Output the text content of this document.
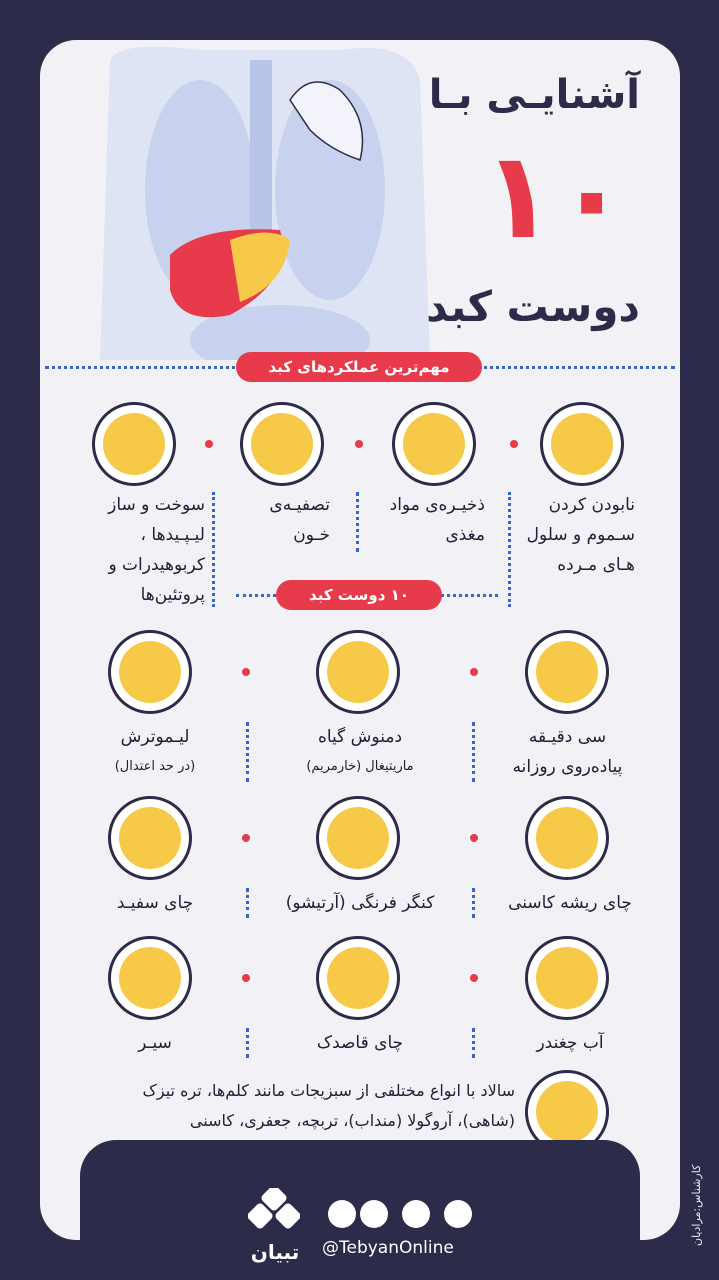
آشنایـی بـا
۱۰
دوست کبد
مهم‌ترین عملکردهای کبد
نابودن کردن سـموم و سلول هـای مـرده
ذخیـره‌ی مواد مغذی
تصفیـه‌ی خـون
سوخت و ساز لیـپـیدها ، کربوهیدرات و پروتئین‌ها	۱۰ دوست کبد
سی دقیـقه
پیاده‌روی روزانه
دمنوش گیاه
ماریتیغال (خارمریم)
لیـموترش
(در حد اعتدال)
چای ریشه کاسنی
کنگر فرنگی (آرتیشو)
چای سفیـد
آب چغندر
چای قاصدک
سیـر
سالاد با انواع مختلفی از سبزیجات مانند کلم‌ها، تره تیزک (شاهی)، آروگولا (منداب)، تربچه، جعفری، کاسنی
تبیان	@TebyanOnline
کارشناس:مرادیان
